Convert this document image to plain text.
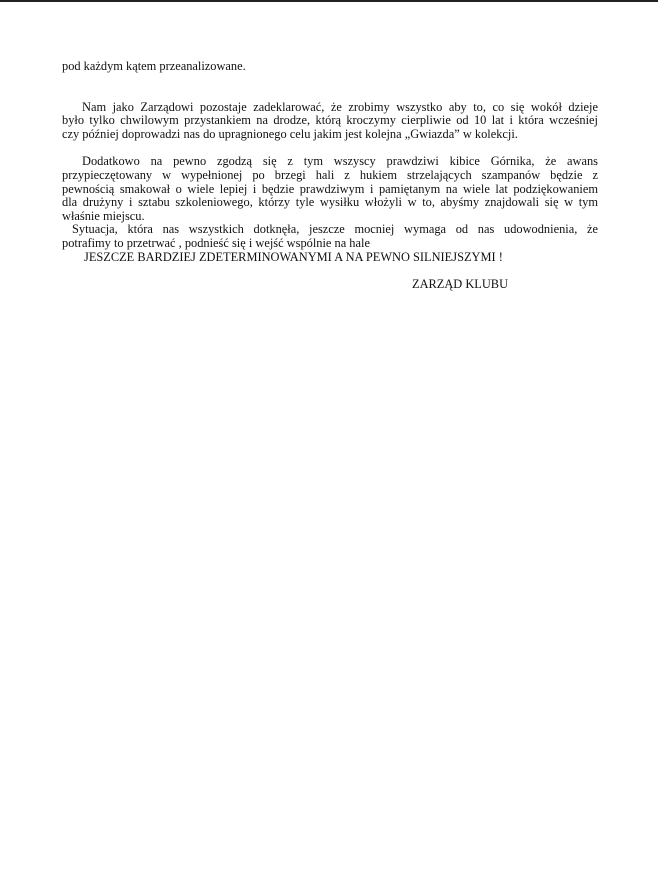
pod każdym kątem przeanalizowane.
Nam jako Zarządowi pozostaje zadeklarować, że zrobimy wszystko aby to, co się wokół dzieje
było tylko chwilowym przystankiem na drodze, którą kroczymy cierpliwie od 10 lat i która wcześniej
czy później doprowadzi nas do upragnionego celu jakim jest kolejna „Gwiazda” w kolekcji.
Dodatkowo na pewno zgodzą się z tym wszyscy prawdziwi kibice Górnika, że awans
przypieczętowany w wypełnionej po brzegi hali z hukiem strzelających szampanów będzie z
pewnością smakował o wiele lepiej i będzie prawdziwym i pamiętanym na wiele lat podziękowaniem
dla drużyny i sztabu szkoleniowego, którzy tyle wysiłku włożyli w to, abyśmy znajdowali się w tym
właśnie miejscu.
Sytuacja, która nas wszystkich dotknęła, jeszcze mocniej wymaga od nas udowodnienia, że
potrafimy to przetrwać , podnieść się i wejść wspólnie na hale
JESZCZE BARDZIEJ ZDETERMINOWANYMI A NA PEWNO SILNIEJSZYMI !
ZARZĄD KLUBU
